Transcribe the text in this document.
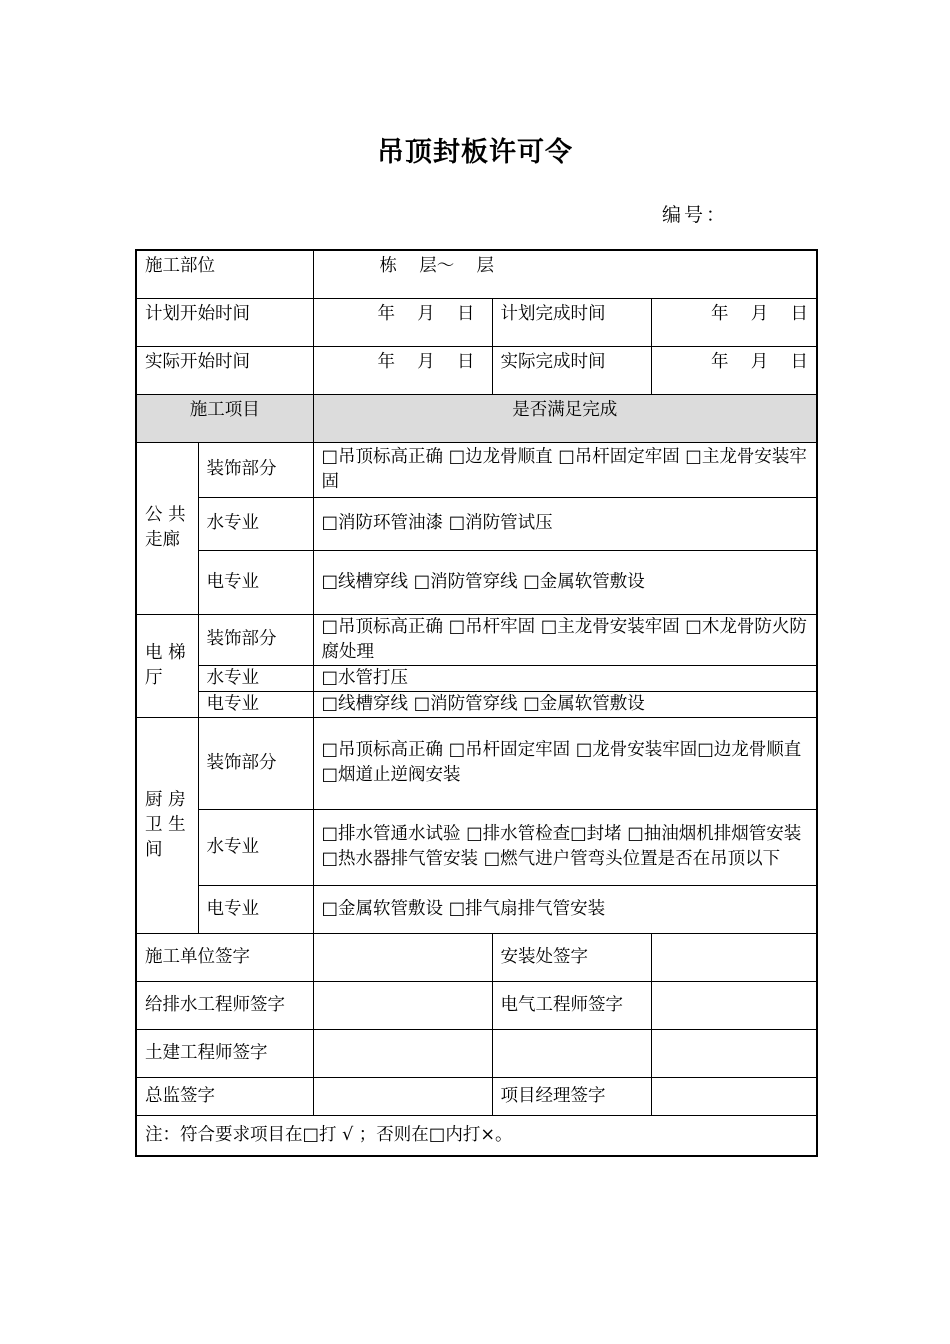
吊顶封板许可令
编号：
施工部位		栋    层～    层		
计划开始时间		年    月    日	计划完成时间	年    月    日
实际开始时间		年    月    日	实际完成时间	年    月    日
施工项目		是否满足完成		
公 共走廊	装饰部分	□吊顶标高正确 □边龙骨顺直 □吊杆固定牢固 □主龙骨安装牢固		
	水专业	□消防环管油漆 □消防管试压		
	电专业	□线槽穿线 □消防管穿线 □金属软管敷设		
电 梯厅	装饰部分	□吊顶标高正确 □吊杆牢固 □主龙骨安装牢固 □木龙骨防火防腐处理		
	水专业	□水管打压		
	电专业	□线槽穿线 □消防管穿线 □金属软管敷设		
厨 房卫 生间	装饰部分	□吊顶标高正确 □吊杆固定牢固 □龙骨安装牢固□边龙骨顺直 □烟道止逆阀安装		
	水专业	□排水管通水试验 □排水管检查□封堵 □抽油烟机排烟管安装 □热水器排气管安装 □燃气进户管弯头位置是否在吊顶以下		
	电专业	□金属软管敷设 □排气扇排气管安装		
施工单位签字			安装处签字	
给排水工程师签字			电气工程师签字	
土建工程师签字				
总监签字			项目经理签字	
注：符合要求项目在□打 √ ；否则在□内打×。				
